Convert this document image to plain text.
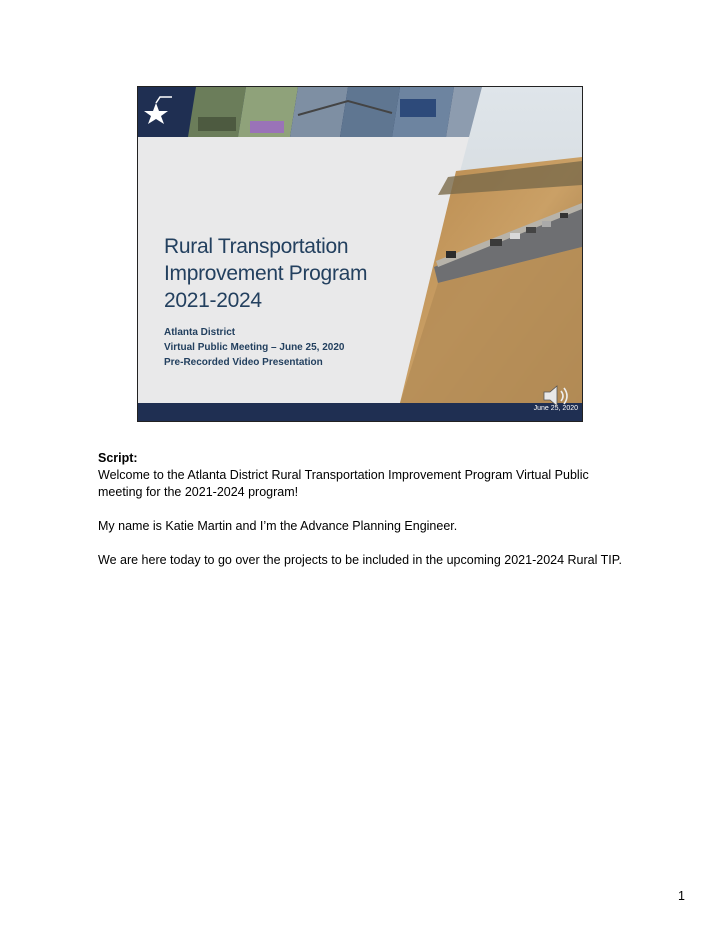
Rural Transportation
Improvement Program
2021-2024
Atlanta District
Virtual Public Meeting – June 25, 2020
Pre-Recorded Video Presentation
June 25, 2020

Script:

Welcome to the Atlanta District Rural Transportation Improvement Program Virtual Public meeting for the 2021-2024 program!

My name is Katie Martin and I’m the Advance Planning Engineer.

We are here today to go over the projects to be included in the upcoming 2021-2024 Rural TIP.

1
